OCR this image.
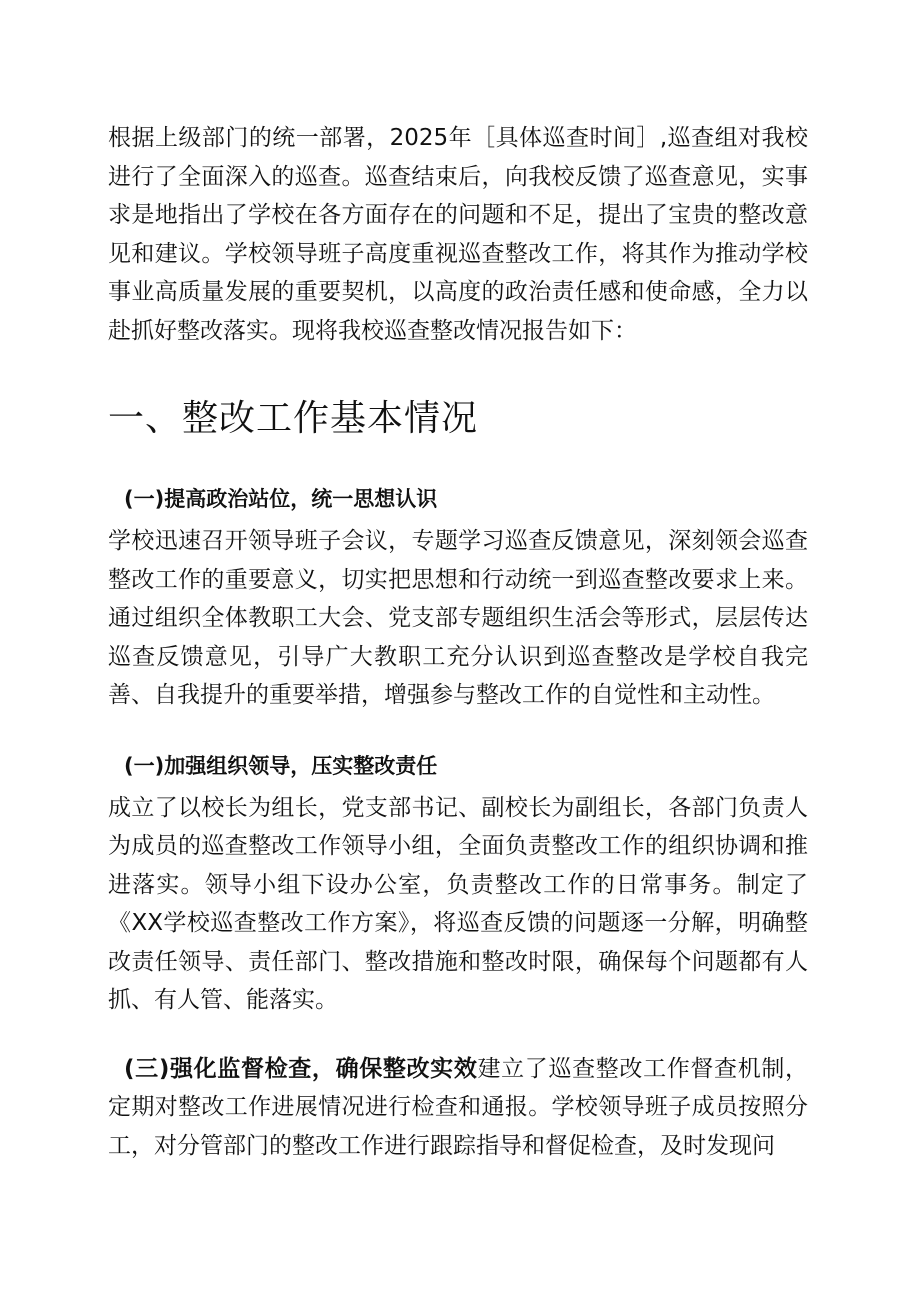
根据上级部门的统一部署，2025年［具体巡查时间］,巡查组对我校进行了全面深入的巡查。巡查结束后，向我校反馈了巡查意见，实事求是地指出了学校在各方面存在的问题和不足，提出了宝贵的整改意见和建议。学校领导班子高度重视巡查整改工作，将其作为推动学校事业高质量发展的重要契机，以高度的政治责任感和使命感，全力以赴抓好整改落实。现将我校巡查整改情况报告如下：

一、整改工作基本情况
(一)提高政治站位，统一思想认识

学校迅速召开领导班子会议，专题学习巡查反馈意见，深刻领会巡查整改工作的重要意义，切实把思想和行动统一到巡查整改要求上来。通过组织全体教职工大会、党支部专题组织生活会等形式，层层传达巡查反馈意见，引导广大教职工充分认识到巡查整改是学校自我完善、自我提升的重要举措，增强参与整改工作的自觉性和主动性。

(一)加强组织领导，压实整改责任

成立了以校长为组长，党支部书记、副校长为副组长，各部门负责人为成员的巡查整改工作领导小组，全面负责整改工作的组织协调和推进落实。领导小组下设办公室，负责整改工作的日常事务。制定了《XX学校巡查整改工作方案》，将巡查反馈的问题逐一分解，明确整改责任领导、责任部门、整改措施和整改时限，确保每个问题都有人抓、有人管、能落实。

(三)强化监督检查，确保整改实效建立了巡查整改工作督查机制，定期对整改工作进展情况进行检查和通报。学校领导班子成员按照分工，对分管部门的整改工作进行跟踪指导和督促检查，及时发现问
